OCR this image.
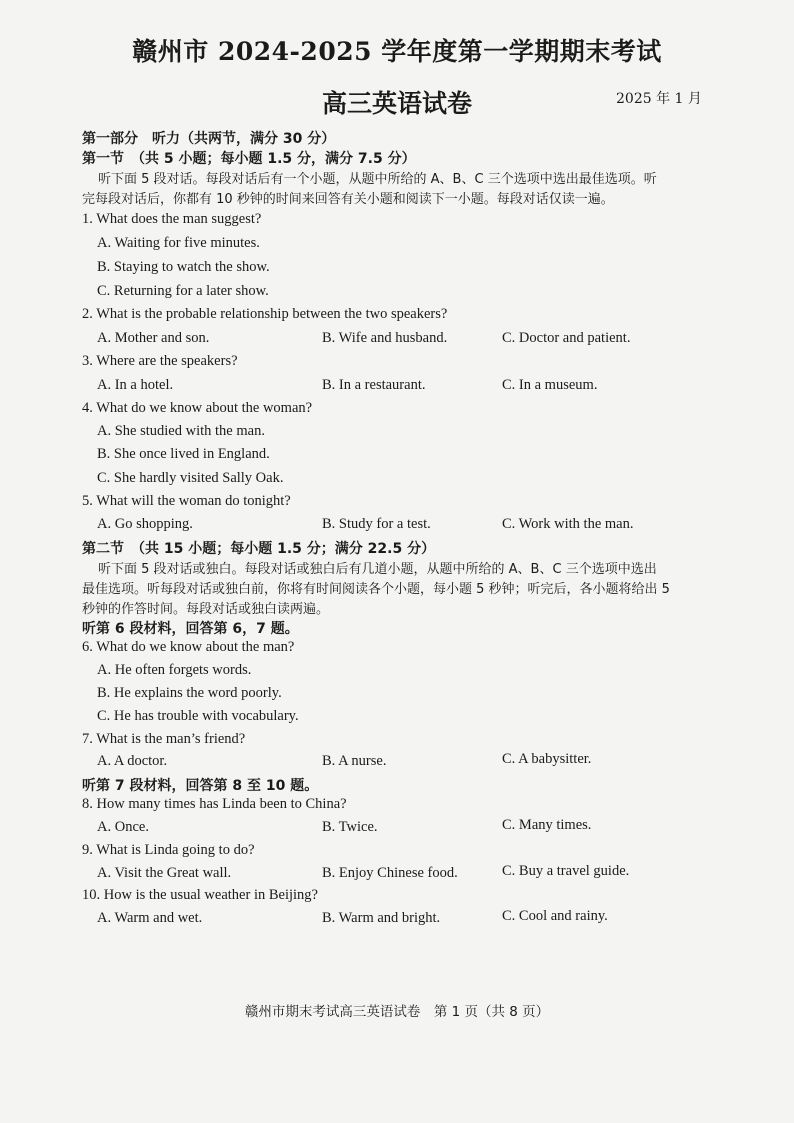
赣州市 2024-2025 学年度第一学期期末考试
高三英语试卷	2025 年 1 月
第一部分　听力（共两节，满分 30 分）
第一节　（共 5 小题；每小题 1.5 分，满分 7.5 分）
听下面 5 段对话。每段对话后有一个小题，从题中所给的 A、B、C 三个选项中选出最佳选项。听
完每段对话后，你都有 10 秒钟的时间来回答有关小题和阅读下一小题。每段对话仅读一遍。
1. What does the man suggest?
A. Waiting for five minutes.
B. Staying to watch the show.
C. Returning for a later show.
2. What is the probable relationship between the two speakers?
A. Mother and son.	B. Wife and husband.	C. Doctor and patient.
3. Where are the speakers?
A. In a hotel.	B. In a restaurant.	C. In a museum.
4. What do we know about the woman?
A. She studied with the man.
B. She once lived in England.
C. She hardly visited Sally Oak.
5. What will the woman do tonight?
A. Go shopping.	B. Study for a test.	C. Work with the man.
第二节　（共 15 小题；每小题 1.5 分；满分 22.5 分）
听下面 5 段对话或独白。每段对话或独白后有几道小题，从题中所给的 A、B、C 三个选项中选出
最佳选项。听每段对话或独白前，你将有时间阅读各个小题，每小题 5 秒钟；听完后，各小题将给出 5
秒钟的作答时间。每段对话或独白读两遍。
听第 6 段材料，回答第 6，7 题。
6. What do we know about the man?
A. He often forgets words.
B. He explains the word poorly.
C. He has trouble with vocabulary.
7. What is the man’s friend?
A. A doctor.	B. A nurse.	C. A babysitter.
听第 7 段材料，回答第 8 至 10 题。
8. How many times has Linda been to China?
A. Once.	B. Twice.	C. Many times.
9. What is Linda going to do?
A. Visit the Great wall.	B. Enjoy Chinese food.	C. Buy a travel guide.
10. How is the usual weather in Beijing?
A. Warm and wet.	B. Warm and bright.	C. Cool and rainy.
赣州市期末考试高三英语试卷　第 1 页（共 8 页）
